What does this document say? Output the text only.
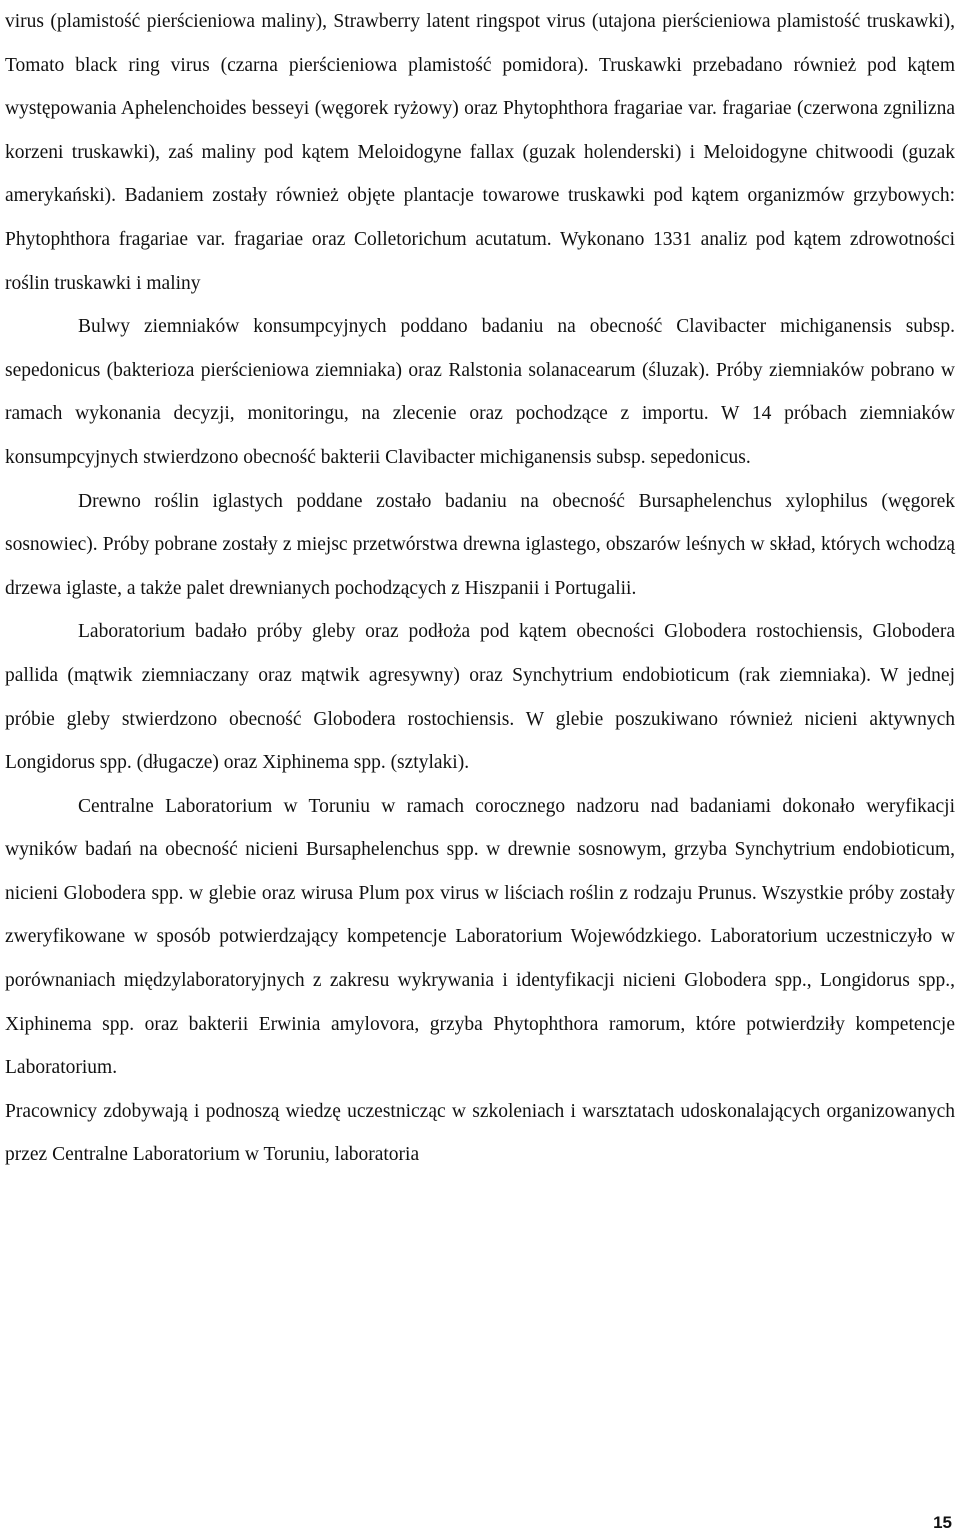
virus (plamistość pierścieniowa maliny), Strawberry latent ringspot virus (utajona pierścieniowa plamistość truskawki), Tomato black ring virus (czarna pierścieniowa plamistość pomidora). Truskawki przebadano również pod kątem występowania Aphelenchoides besseyi (węgorek ryżowy) oraz Phytophthora fragariae var. fragariae (czerwona zgnilizna korzeni truskawki), zaś maliny pod kątem Meloidogyne fallax (guzak holenderski) i Meloidogyne chitwoodi (guzak amerykański). Badaniem zostały również objęte plantacje towarowe truskawki pod kątem organizmów grzybowych: Phytophthora fragariae var. fragariae oraz Colletorichum acutatum. Wykonano 1331 analiz pod kątem zdrowotności roślin truskawki i maliny

Bulwy ziemniaków konsumpcyjnych poddano badaniu na obecność Clavibacter michiganensis subsp. sepedonicus (bakterioza pierścieniowa ziemniaka) oraz Ralstonia solanacearum (śluzak). Próby ziemniaków pobrano w ramach wykonania decyzji, monitoringu, na zlecenie oraz pochodzące z importu. W 14 próbach ziemniaków konsumpcyjnych stwierdzono obecność bakterii Clavibacter michiganensis subsp. sepedonicus.

Drewno roślin iglastych poddane zostało badaniu na obecność Bursaphelenchus xylophilus (węgorek sosnowiec). Próby pobrane zostały z miejsc przetwórstwa drewna iglastego, obszarów leśnych w skład, których wchodzą drzewa iglaste, a także palet drewnianych pochodzących z Hiszpanii i Portugalii.

Laboratorium badało próby gleby oraz podłoża pod kątem obecności Globodera rostochiensis, Globodera pallida (mątwik ziemniaczany oraz mątwik agresywny) oraz Synchytrium endobioticum (rak ziemniaka). W jednej próbie gleby stwierdzono obecność Globodera rostochiensis. W glebie poszukiwano również nicieni aktywnych Longidorus spp. (długacze) oraz Xiphinema spp. (sztylaki).

Centralne Laboratorium w Toruniu w ramach corocznego nadzoru nad badaniami dokonało weryfikacji wyników badań na obecność nicieni Bursaphelenchus spp. w drewnie sosnowym, grzyba Synchytrium endobioticum, nicieni Globodera spp. w glebie oraz wirusa Plum pox virus w liściach roślin z rodzaju Prunus. Wszystkie próby zostały zweryfikowane w sposób potwierdzający kompetencje Laboratorium Wojewódzkiego. Laboratorium uczestniczyło w porównaniach międzylaboratoryjnych z zakresu wykrywania i identyfikacji nicieni Globodera spp., Longidorus spp., Xiphinema spp. oraz bakterii Erwinia amylovora, grzyba Phytophthora ramorum, które potwierdziły kompetencje Laboratorium.

Pracownicy zdobywają i podnoszą wiedzę uczestnicząc w szkoleniach i warsztatach udoskonalających organizowanych przez Centralne Laboratorium w Toruniu, laboratoria

15
